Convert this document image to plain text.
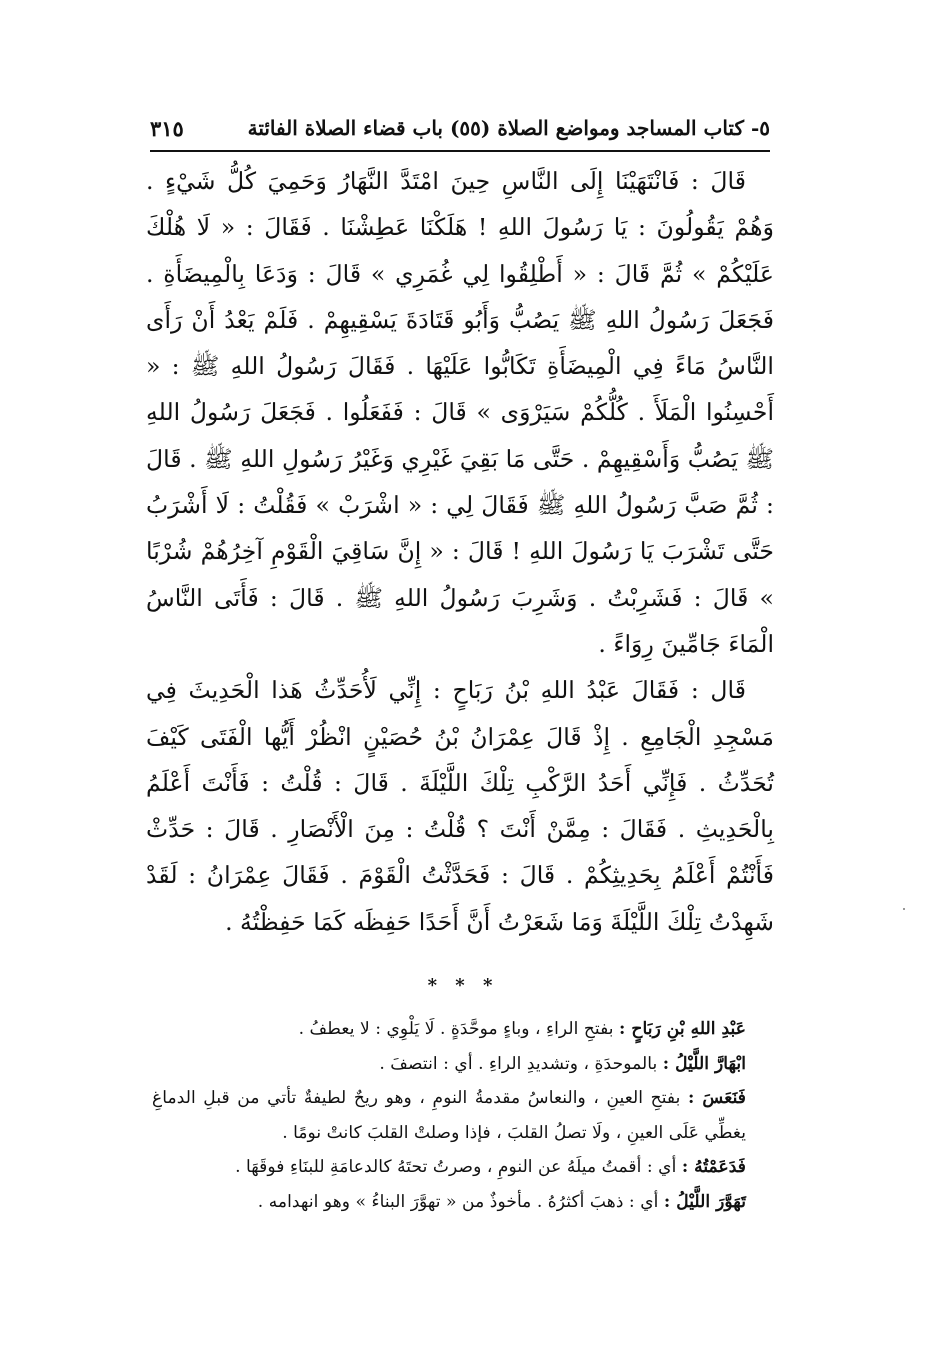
٥- كتاب المساجد ومواضع الصلاة (٥٥) باب قضاء الصلاة الفائتة
٣١٥

قَالَ : فَانْتَهَيْنَا إِلَى النَّاسِ حِينَ امْتَدَّ النَّهَارُ وَحَمِيَ كُلُّ شَيْءٍ . وَهُمْ يَقُولُونَ : يَا رَسُولَ اللهِ ! هَلَكْنَا عَطِشْنَا . فَقَالَ : « لَا هُلْكَ عَلَيْكُمْ » ثُمَّ قَالَ : « أَطْلِقُوا لِي غُمَرِي » قَالَ : وَدَعَا بِالْمِيضَأَةِ . فَجَعَلَ رَسُولُ اللهِ ﷺ يَصُبُّ وَأَبُو قَتَادَةَ يَسْقِيهِمْ . فَلَمْ يَعْدُ أَنْ رَأَى النَّاسُ مَاءً فِي الْمِيضَأَةِ تَكَابُّوا عَلَيْهَا . فَقَالَ رَسُولُ اللهِ ﷺ : « أَحْسِنُوا الْمَلَأَ . كُلُّكُمْ سَيَرْوَى » قَالَ : فَفَعَلُوا . فَجَعَلَ رَسُولُ اللهِ ﷺ يَصُبُّ وَأَسْقِيهِمْ . حَتَّى مَا بَقِيَ غَيْرِي وَغَيْرُ رَسُولِ اللهِ ﷺ . قَالَ : ثُمَّ صَبَّ رَسُولُ اللهِ ﷺ فَقَالَ لِي : « اشْرَبْ » فَقُلْتُ : لَا أَشْرَبُ حَتَّى تَشْرَبَ يَا رَسُولَ اللهِ ! قَالَ : « إِنَّ سَاقِيَ الْقَوْمِ آخِرُهُمْ شُرْبًا » قَالَ : فَشَرِبْتُ . وَشَرِبَ رَسُولُ اللهِ ﷺ . قَالَ : فَأَتَى النَّاسُ الْمَاءَ جَامِّينَ رِوَاءً .

قَال : فَقَالَ عَبْدُ اللهِ بْنُ رَبَاحٍ : إِنِّي لَأُحَدِّثُ هَذا الْحَدِيثَ فِي مَسْجِدِ الْجَامِعِ . إِذْ قَالَ عِمْرَانُ بْنُ حُصَيْنٍ انْظُرْ أَيُّها الْفَتَى كَيْفَ تُحَدِّثُ . فَإِنِّي أَحَدُ الرَّكْبِ تِلْكَ اللَّيْلَةَ . قَالَ : قُلْتُ : فَأَنْتَ أَعْلَمُ بِالْحَدِيثِ . فَقَالَ : مِمَّنْ أَنْتَ ؟ قُلْتُ : مِنَ الْأَنْصَارِ . قَالَ : حَدِّثْ فَأَنْتُمْ أَعْلَمُ بِحَدِيثِكُمْ . قَالَ : فَحَدَّثْتُ الْقَوْمَ . فَقَالَ عِمْرَانُ : لَقَدْ شَهِدْتُ تِلْكَ اللَّيْلَةَ وَمَا شَعَرْتُ أَنَّ أَحَدًا حَفِظَه كَمَا حَفِظْتُهُ .

* * *

عَبْدِ اللهِ بْنِ رَبَاحٍ : بفتحِ الراءِ ، وباءٍ موحَّدَةٍ . لَا يَلْوِي : لا يعطفُ .

ابْهَارَّ اللَّيْلُ : بالموحدَةِ ، وتشديدِ الراءِ . أي : انتصفَ .

فَنَعَسَ : بفتحِ العينِ ، والنعاسُ مقدمةُ النومِ ، وهو ريحٌ لطيفةٌ تأتي من قبلِ الدماغِ يغطِّي عَلَى العينِ ، ولَا تصلُ القلبَ ، فإذا وصلتْ القلبَ كانتْ نومًا .

فَدَعَمْتُهُ : أي : أقمتُ ميلَهُ عن النومِ ، وصرتُ تحتَهُ كالدعامَةِ للبنَاءِ فوقَهَا .

تَهَوَّرَ اللَّيْلُ : أي : ذهبَ أكثرُهُ . مأخوذٌ من « تهوَّرَ البناءُ » وهو انهدامه .
